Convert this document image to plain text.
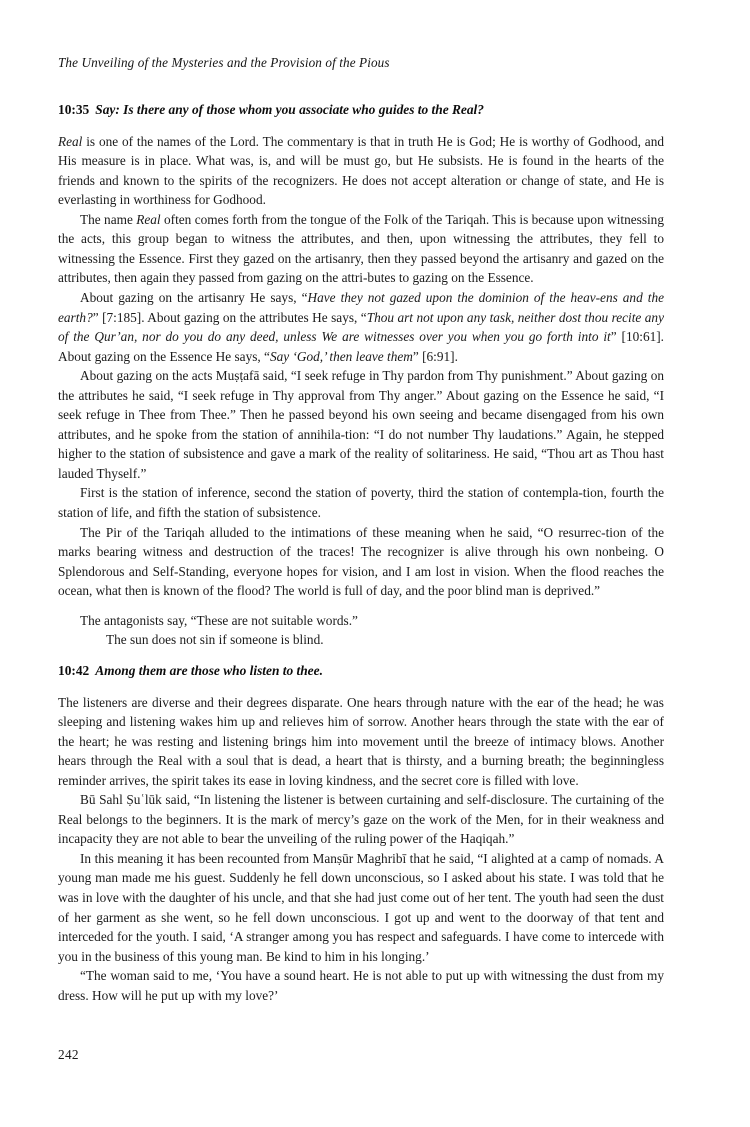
The Unveiling of the Mysteries and the Provision of the Pious
10:35 Say: Is there any of those whom you associate who guides to the Real?

Real is one of the names of the Lord. The commentary is that in truth He is God; He is worthy of Godhood, and His measure is in place. What was, is, and will be must go, but He subsists. He is found in the hearts of the friends and known to the spirits of the recognizers. He does not accept alteration or change of state, and He is everlasting in worthiness for Godhood.

The name Real often comes forth from the tongue of the Folk of the Tariqah. This is because upon witnessing the acts, this group began to witness the attributes, and then, upon witnessing the attributes, they fell to witnessing the Essence. First they gazed on the artisanry, then they passed beyond the artisanry and gazed on the attributes, then again they passed from gazing on the attri-butes to gazing on the Essence.

About gazing on the artisanry He says, “Have they not gazed upon the dominion of the heav-ens and the earth?” [7:185]. About gazing on the attributes He says, “Thou art not upon any task, neither dost thou recite any of the Qur’an, nor do you do any deed, unless We are witnesses over you when you go forth into it” [10:61]. About gazing on the Essence He says, “Say ‘God,’ then leave them” [6:91].

About gazing on the acts Muṣṭafā said, “I seek refuge in Thy pardon from Thy punishment.” About gazing on the attributes he said, “I seek refuge in Thy approval from Thy anger.” About gazing on the Essence he said, “I seek refuge in Thee from Thee.” Then he passed beyond his own seeing and became disengaged from his own attributes, and he spoke from the station of annihila-tion: “I do not number Thy laudations.” Again, he stepped higher to the station of subsistence and gave a mark of the reality of solitariness. He said, “Thou art as Thou hast lauded Thyself.”

First is the station of inference, second the station of poverty, third the station of contempla-tion, fourth the station of life, and fifth the station of subsistence.

The Pir of the Tariqah alluded to the intimations of these meaning when he said, “O resurrec-tion of the marks bearing witness and destruction of the traces! The recognizer is alive through his own nonbeing. O Splendorous and Self-Standing, everyone hopes for vision, and I am lost in vision. When the flood reaches the ocean, what then is known of the flood? The world is full of day, and the poor blind man is deprived.”

The antagonists say, “These are not suitable words.”
The sun does not sin if someone is blind.
10:42 Among them are those who listen to thee.

The listeners are diverse and their degrees disparate. One hears through nature with the ear of the head; he was sleeping and listening wakes him up and relieves him of sorrow. Another hears through the state with the ear of the heart; he was resting and listening brings him into movement until the breeze of intimacy blows. Another hears through the Real with a soul that is dead, a heart that is thirsty, and a burning breath; the beginningless reminder arrives, the spirit takes its ease in loving kindness, and the secret core is filled with love.

Bū Sahl Ṣuʿlūk said, “In listening the listener is between curtaining and self-disclosure. The curtaining of the Real belongs to the beginners. It is the mark of mercy’s gaze on the work of the Men, for in their weakness and incapacity they are not able to bear the unveiling of the ruling power of the Haqiqah.”

In this meaning it has been recounted from Manṣūr Maghribī that he said, “I alighted at a camp of nomads. A young man made me his guest. Suddenly he fell down unconscious, so I asked about his state. I was told that he was in love with the daughter of his uncle, and that she had just come out of her tent. The youth had seen the dust of her garment as she went, so he fell down unconscious. I got up and went to the doorway of that tent and interceded for the youth. I said, ‘A stranger among you has respect and safeguards. I have come to intercede with you in the business of this young man. Be kind to him in his longing.’

“The woman said to me, ‘You have a sound heart. He is not able to put up with witnessing the dust from my dress. How will he put up with my love?’

242
